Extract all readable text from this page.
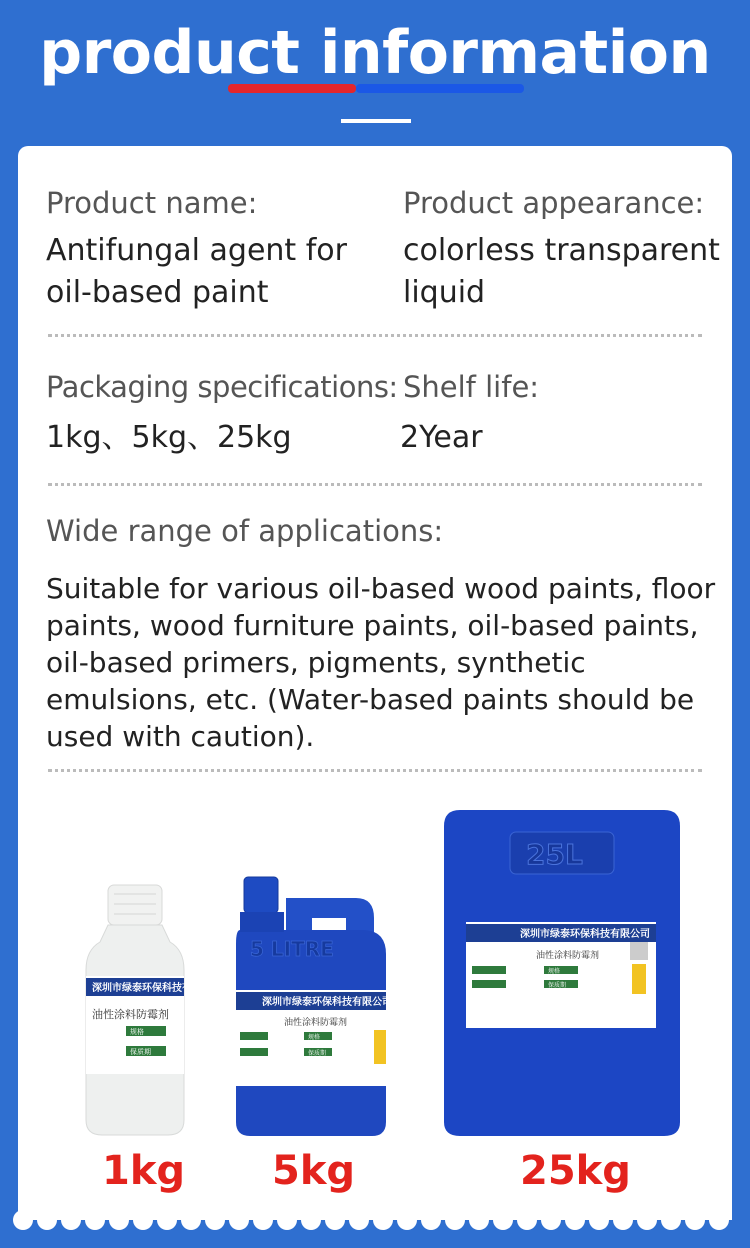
product information
Product name:
Antifungal agent for oil-based paint
Product appearance:
colorless transparent liquid
Packaging specifications:
1kg、5kg、25kg
Shelf life:
2Year
Wide range of applications:
Suitable for various oil-based wood paints, floor paints, wood furniture paints, oil-based paints, oil-based primers, pigments, synthetic emulsions, etc. (Water-based paints should be used with caution).
深圳市绿泰环保科技有限公司
油性涂料防霉剂
规格
保质期
5 LITRE
深圳市绿泰环保科技有限公司
油性涂料防霉剂
规格
保质期
25L
深圳市绿泰环保科技有限公司
油性涂料防霉剂
规格
保质期
1kg 5kg	25kg
